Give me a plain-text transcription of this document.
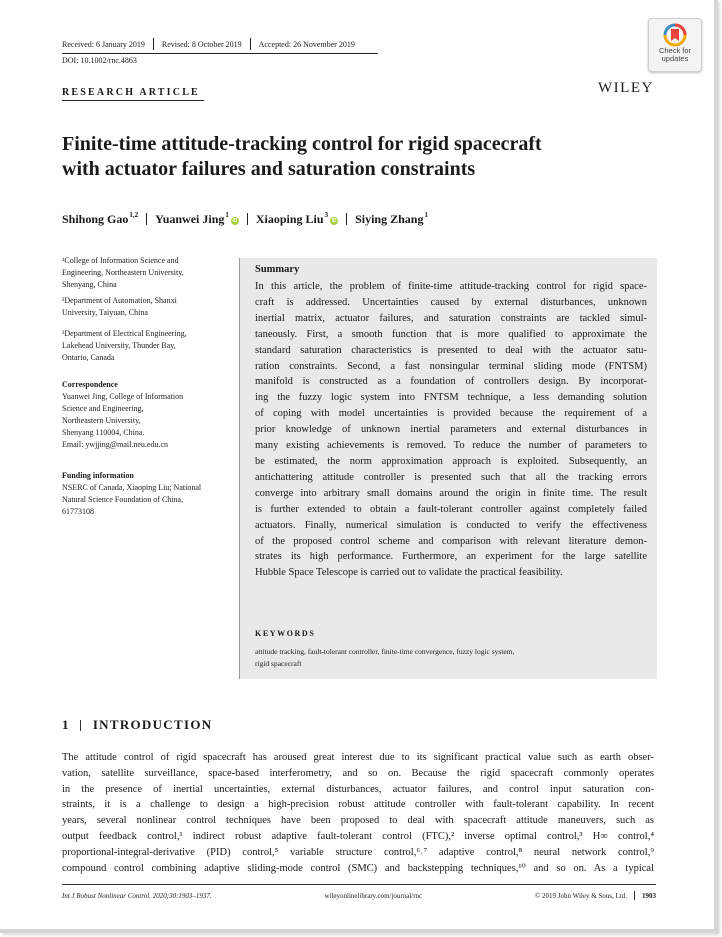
Received: 6 January 2019 Revised: 8 October 2019 Accepted: 26 November 2019
DOI: 10.1002/rnc.4863
Check for
updates
WILEY
RESEARCH ARTICLE
Finite-time attitude-tracking control for rigid spacecraft
with actuator failures and saturation constraints
Shihong Gao$^{1,2}$ Yuanwei Jing$^1$iD Xiaoping Liu$^3$iD Siying Zhang$^1$

¹College of Information Science and

Engineering, Northeastern University,

Shenyang, China

²Department of Automation, Shanxi

University, Taiyuan, China

³Department of Electrical Engineering,

Lakehead University, Thunder Bay,

Ontario, Canada

Correspondence

Yuanwei Jing, College of Information

Science and Engineering,

Northeastern University,

Shenyang 110004, China.

Email: ywjjing@mail.neu.edu.cn

Funding information

NSERC of Canada, Xiaoping Liu; National

Natural Science Foundation of China,

61773108

Summary
In this article, the problem of finite-time attitude-tracking control for rigid space-
craft is addressed. Uncertainties caused by external disturbances, unknown
inertial matrix, actuator failures, and saturation constraints are tackled simul-
taneously. First, a smooth function that is more qualified to approximate the
standard saturation characteristics is presented to deal with the actuator satu-
ration constraints. Second, a fast nonsingular terminal sliding mode (FNTSM)
manifold is constructed as a foundation of controllers design. By incorporat-
ing the fuzzy logic system into FNTSM technique, a less demanding solution
of coping with model uncertainties is provided because the requirement of a
prior knowledge of unknown inertial parameters and external disturbances in
many existing achievements is removed. To reduce the number of parameters to
be estimated, the norm approximation approach is exploited. Subsequently, an
antichattering attitude controller is presented such that all the tracking errors
converge into arbitrary small domains around the origin in finite time. The result
is further extended to obtain a fault-tolerant controller against completely failed
actuators. Finally, numerical simulation is conducted to verify the effectiveness
of the proposed control scheme and comparison with relevant literature demon-
strates its high performance. Furthermore, an experiment for the large satellite
Hubble Space Telescope is carried out to validate the practical feasibility.
KEYWORDS
attitude tracking, fault-tolerant controller, finite-time convergence, fuzzy logic system,
rigid spacecraft
1 INTRODUCTION
The attitude control of rigid spacecraft has aroused great interest due to its significant practical value such as earth obser-
vation, satellite surveillance, space-based interferometry, and so on. Because the rigid spacecraft commonly operates
in the presence of inertial uncertainties, external disturbances, actuator failures, and control input saturation con-
straints, it is a challenge to design a high-precision robust attitude controller with fault-tolerant capability. In recent
years, several nonlinear control techniques have been proposed to deal with spacecraft attitude maneuvers, such as
output feedback control,¹ indirect robust adaptive fault-tolerant control (FTC),² inverse optimal control,³ H∞ control,⁴
proportional-integral-derivative (PID) control,⁵ variable structure control,⁶˒⁷ adaptive control,⁸ neural network control,⁹
compound control combining adaptive sliding-mode control (SMC) and backstepping techniques,¹⁰ and so on. As a typical
Int J Robust Nonlinear Control. 2020;30:1903–1937.	wileyonlinelibrary.com/journal/rnc	© 2019 John Wiley & Sons, Ltd. 1903
